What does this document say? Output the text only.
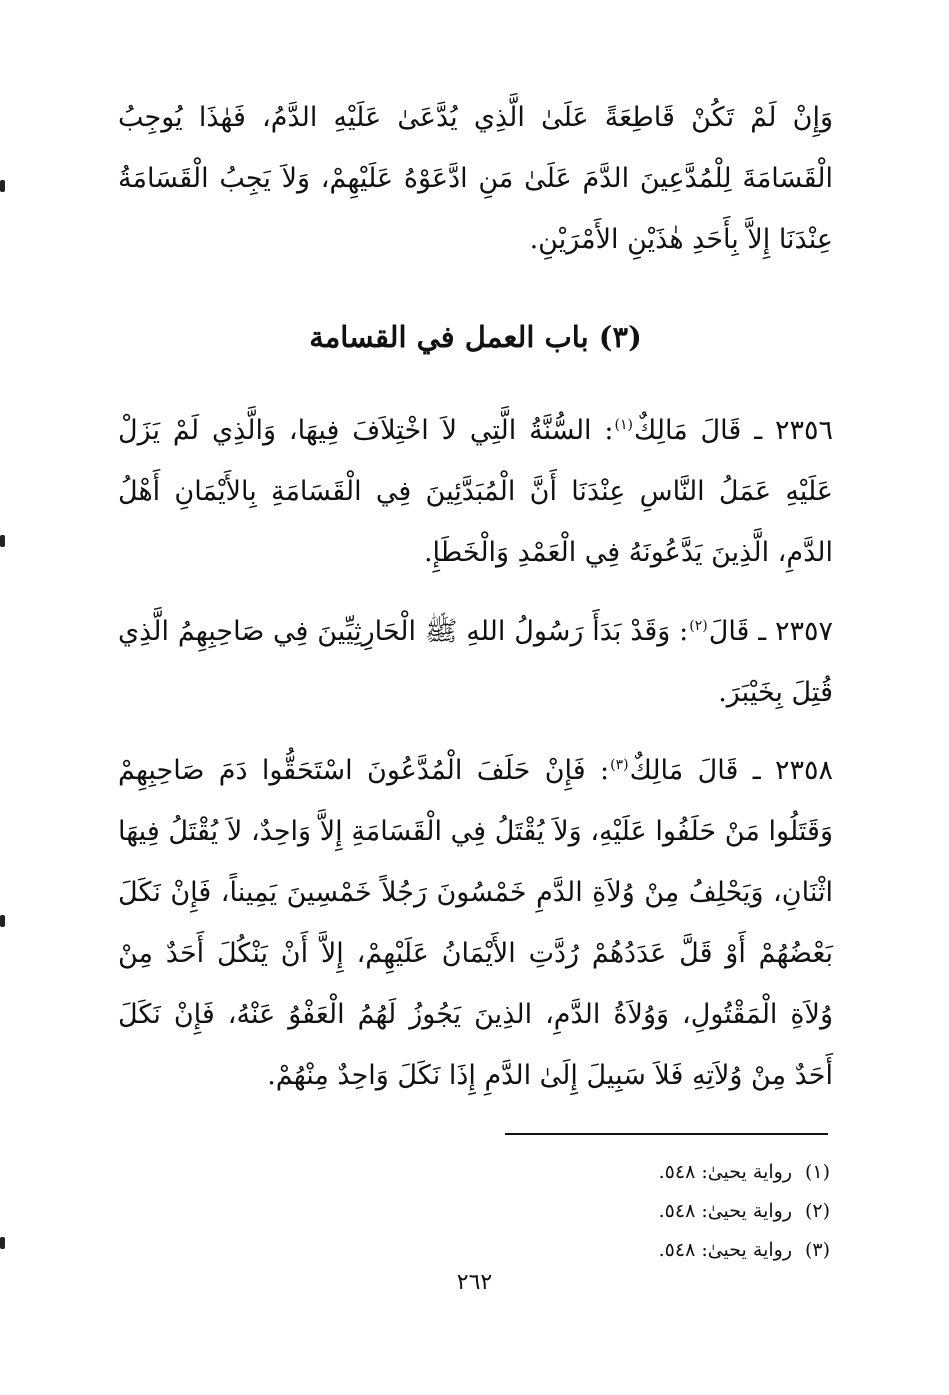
وَإِنْ لَمْ تَكُنْ قَاطِعَةً عَلَىٰ الَّذِي يُدَّعَىٰ عَلَيْهِ الدَّمُ، فَهٰذَا يُوجِبُ الْقَسَامَةَ لِلْمُدَّعِينَ الدَّمَ عَلَىٰ مَنِ ادَّعَوْهُ عَلَيْهِمْ، وَلاَ يَجِبُ الْقَسَامَةُ عِنْدَنَا إِلاَّ بِأَحَدِ هٰذَيْنِ الأَمْرَيْنِ.

(٣) باب العمل في القسامة

٢٣٥٦ ـ قَالَ مَالِكٌ$^{(١)}$: السُّنَّةُ الَّتِي لاَ اخْتِلاَفَ فِيهَا، وَالَّذِي لَمْ يَزَلْ عَلَيْهِ عَمَلُ النَّاسِ عِنْدَنَا أَنَّ الْمُبَدَّئِينَ فِي الْقَسَامَةِ بِالأَيْمَانِ أَهْلُ الدَّمِ، الَّذِينَ يَدَّعُونَهُ فِي الْعَمْدِ وَالْخَطَإِ.

٢٣٥٧ ـ قَالَ$^{(٢)}$: وَقَدْ بَدَأَ رَسُولُ اللهِ ﷺ الْحَارِثِيِّينَ فِي صَاحِبِهِمُ الَّذِي قُتِلَ بِخَيْبَرَ.

٢٣٥٨ ـ قَالَ مَالِكٌ$^{(٣)}$: فَإِنْ حَلَفَ الْمُدَّعُونَ اسْتَحَقُّوا دَمَ صَاحِبِهِمْ وَقَتَلُوا مَنْ حَلَفُوا عَلَيْهِ، وَلاَ يُقْتَلُ فِي الْقَسَامَةِ إِلاَّ وَاحِدٌ، لاَ يُقْتَلُ فِيهَا اثْنَانِ، وَيَحْلِفُ مِنْ وُلاَةِ الدَّمِ خَمْسُونَ رَجُلاً خَمْسِينَ يَمِيناً، فَإِنْ نَكَلَ بَعْضُهُمْ أَوْ قَلَّ عَدَدُهُمْ رُدَّتِ الأَيْمَانُ عَلَيْهِمْ، إِلاَّ أَنْ يَنْكُلَ أَحَدٌ مِنْ وُلاَةِ الْمَقْتُولِ، وَوُلاَةُ الدَّمِ، الذِينَ يَجُوزُ لَهُمُ الْعَفْوُ عَنْهُ، فَإِنْ نَكَلَ أَحَدٌ مِنْ وُلاَتِهِ فَلاَ سَبِيلَ إِلَىٰ الدَّمِ إِذَا نَكَلَ وَاحِدٌ مِنْهُمْ.

(١)رواية يحيىٰ: ٥٤٨.
(٢)رواية يحيىٰ: ٥٤٨.
(٣)رواية يحيىٰ: ٥٤٨.
٢٦٢
